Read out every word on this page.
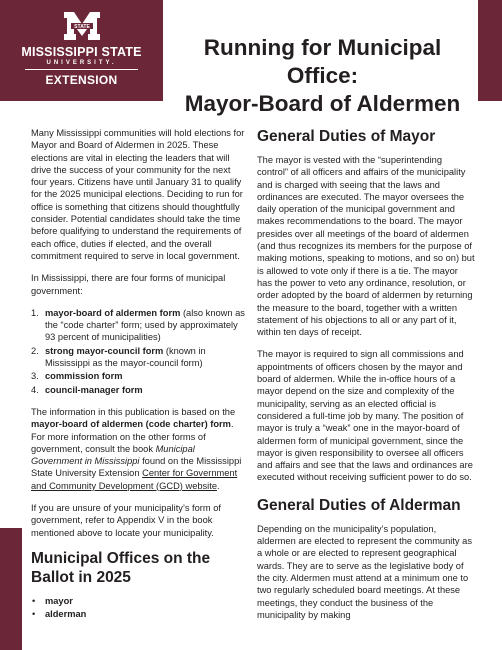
STATE
MISSISSIPPI STATE
UNIVERSITY.
EXTENSION
Running for Municipal Office:
Mayor-Board of Aldermen

Many Mississippi communities will hold elections for Mayor and Board of Aldermen in 2025. These elections are vital in electing the leaders that will drive the success of your community for the next four years. Citizens have until January 31 to qualify for the 2025 municipal elections. Deciding to run for office is something that citizens should thoughtfully consider. Potential candidates should take the time before qualifying to understand the requirements of each office, duties if elected, and the overall commitment required to serve in local government.

In Mississippi, there are four forms of municipal government:

1. mayor-board of aldermen form (also known as the “code charter” form; used by approximately 93 percent of municipalities)
2. strong mayor-council form (known in Mississippi as the mayor-council form)
3. commission form
4. council-manager form

The information in this publication is based on the mayor-board of aldermen (code charter) form. For more information on the other forms of government, consult the book Municipal Government in Mississippi found on the Mississippi State University Extension Center for Government and Community Development (GCD) website.

If you are unsure of your municipality’s form of government, refer to Appendix V in the book mentioned above to locate your municipality.

Municipal Offices on the Ballot in 2025
• mayor
• alderman
General Duties of Mayor

The mayor is vested with the “superintending control” of all officers and affairs of the municipality and is charged with seeing that the laws and ordinances are executed. The mayor oversees the daily operation of the municipal government and makes recommendations to the board. The mayor presides over all meetings of the board of aldermen (and thus recognizes its members for the purpose of making motions, speaking to motions, and so on) but is allowed to vote only if there is a tie. The mayor has the power to veto any ordinance, resolution, or order adopted by the board of aldermen by returning the measure to the board, together with a written statement of his objections to all or any part of it, within ten days of receipt.

The mayor is required to sign all commissions and appointments of officers chosen by the mayor and board of aldermen. While the in-office hours of a mayor depend on the size and complexity of the municipality, serving as an elected official is considered a full-time job by many. The position of mayor is truly a “weak” one in the mayor-board of aldermen form of municipal government, since the mayor is given responsibility to oversee all officers and affairs and see that the laws and ordinances are executed without receiving sufficient power to do so.

General Duties of Alderman

Depending on the municipality’s population, aldermen are elected to represent the community as a whole or are elected to represent geographical wards. They are to serve as the legislative body of the city. Aldermen must attend at a minimum one to two regularly scheduled board meetings. At these meetings, they conduct the business of the municipality by making
